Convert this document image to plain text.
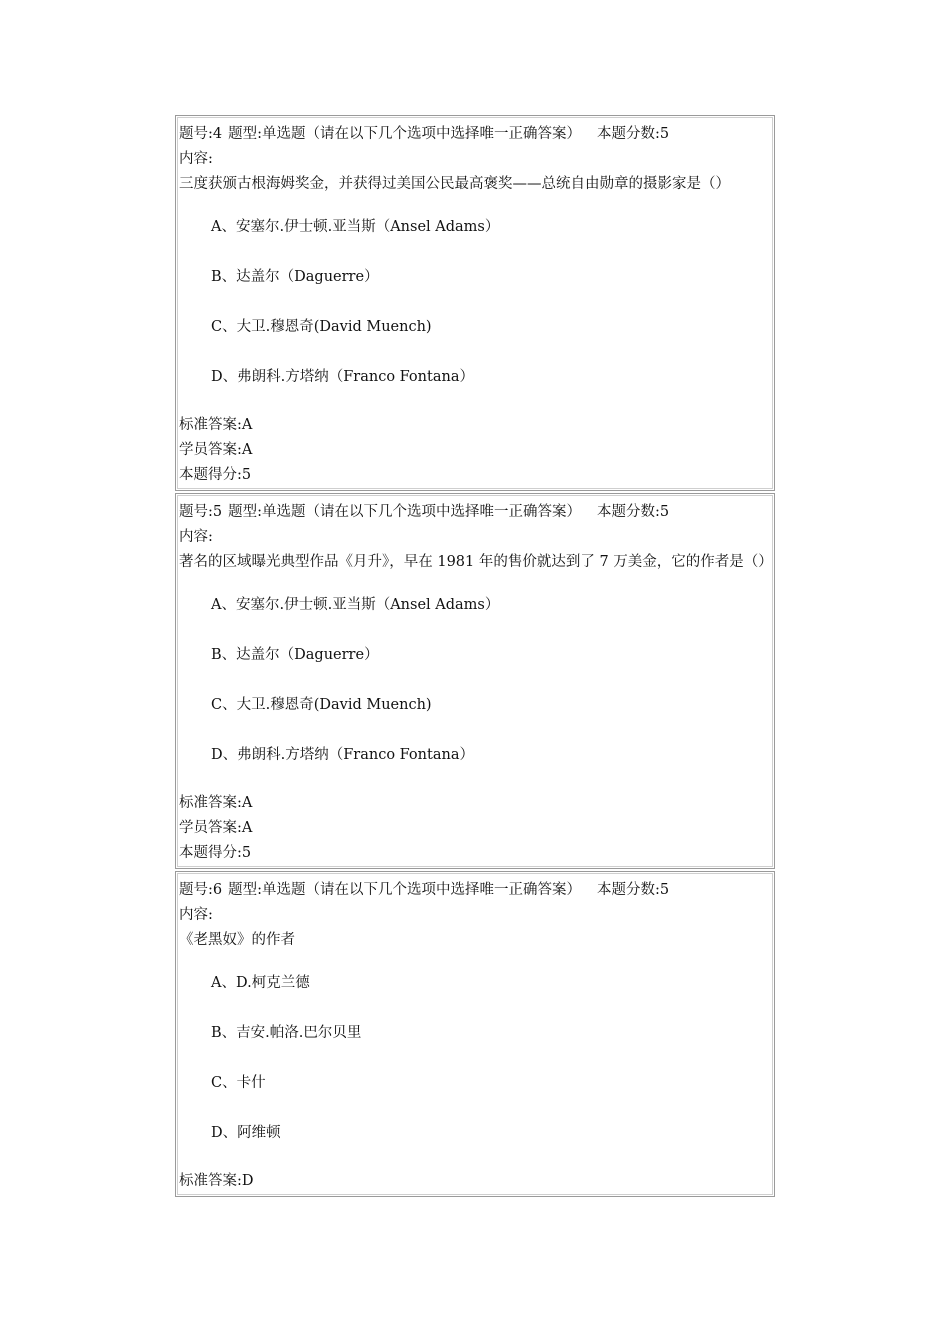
题号:4 题型:单选题（请在以下几个选项中选择唯一正确答案） 本题分数:5
内容:
三度获颁古根海姆奖金，并获得过美国公民最高褒奖——总统自由勋章的摄影家是（）
A、安塞尔.伊士顿.亚当斯（Ansel Adams）
B、达盖尔（Daguerre）
C、大卫.穆恩奇(David Muench)
D、弗朗科.方塔纳（Franco Fontana）
标准答案:A
学员答案:A
本题得分:5
题号:5 题型:单选题（请在以下几个选项中选择唯一正确答案） 本题分数:5
内容:
著名的区域曝光典型作品《月升》，早在 1981 年的售价就达到了 7 万美金，它的作者是（）
A、安塞尔.伊士顿.亚当斯（Ansel Adams）
B、达盖尔（Daguerre）
C、大卫.穆恩奇(David Muench)
D、弗朗科.方塔纳（Franco Fontana）
标准答案:A
学员答案:A
本题得分:5
题号:6 题型:单选题（请在以下几个选项中选择唯一正确答案） 本题分数:5
内容:
《老黑奴》的作者
A、D.柯克兰德
B、吉安.帕洛.巴尔贝里
C、卡什
D、阿维顿
标准答案:D
